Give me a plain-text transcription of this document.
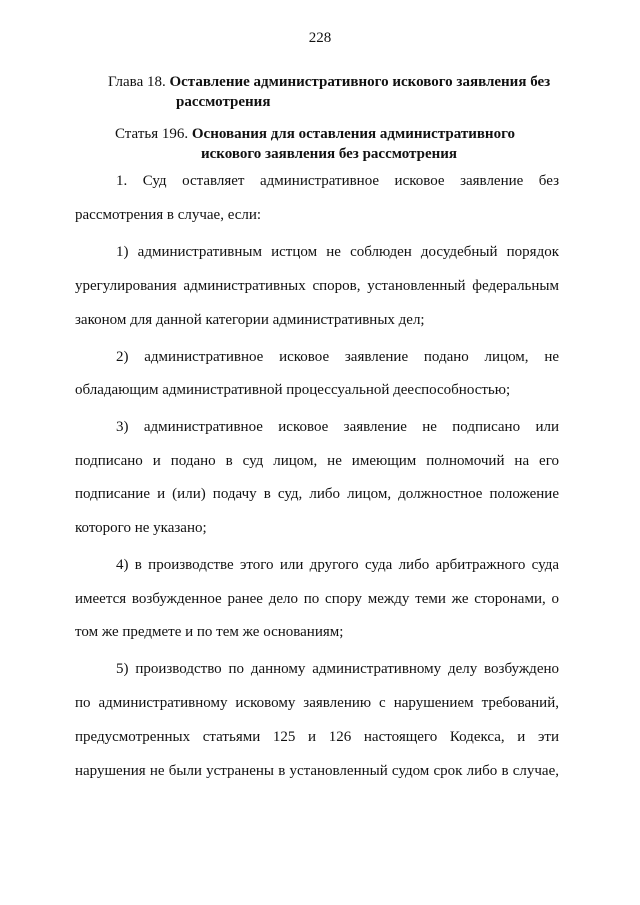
228
Глава 18. Оставление административного искового заявления без
рассмотрения
Статья 196. Основания для оставления административного
искового заявления без рассмотрения
1. Суд оставляет административное исковое заявление без
рассмотрения в случае, если:
1) административным истцом не соблюден досудебный порядок
урегулирования административных споров, установленный федеральным
законом для данной категории административных дел;
2) административное исковое заявление подано лицом, не
обладающим административной процессуальной дееспособностью;
3) административное исковое заявление не подписано или
подписано и подано в суд лицом, не имеющим полномочий на его
подписание и (или) подачу в суд, либо лицом, должностное положение
которого не указано;
4) в производстве этого или другого суда либо арбитражного суда
имеется возбужденное ранее дело по спору между теми же сторонами, о
том же предмете и по тем же основаниям;
5) производство по данному административному делу возбуждено
по административному исковому заявлению с нарушением требований,
предусмотренных статьями 125 и 126 настоящего Кодекса, и эти
нарушения не были устранены в установленный судом срок либо в случае,
